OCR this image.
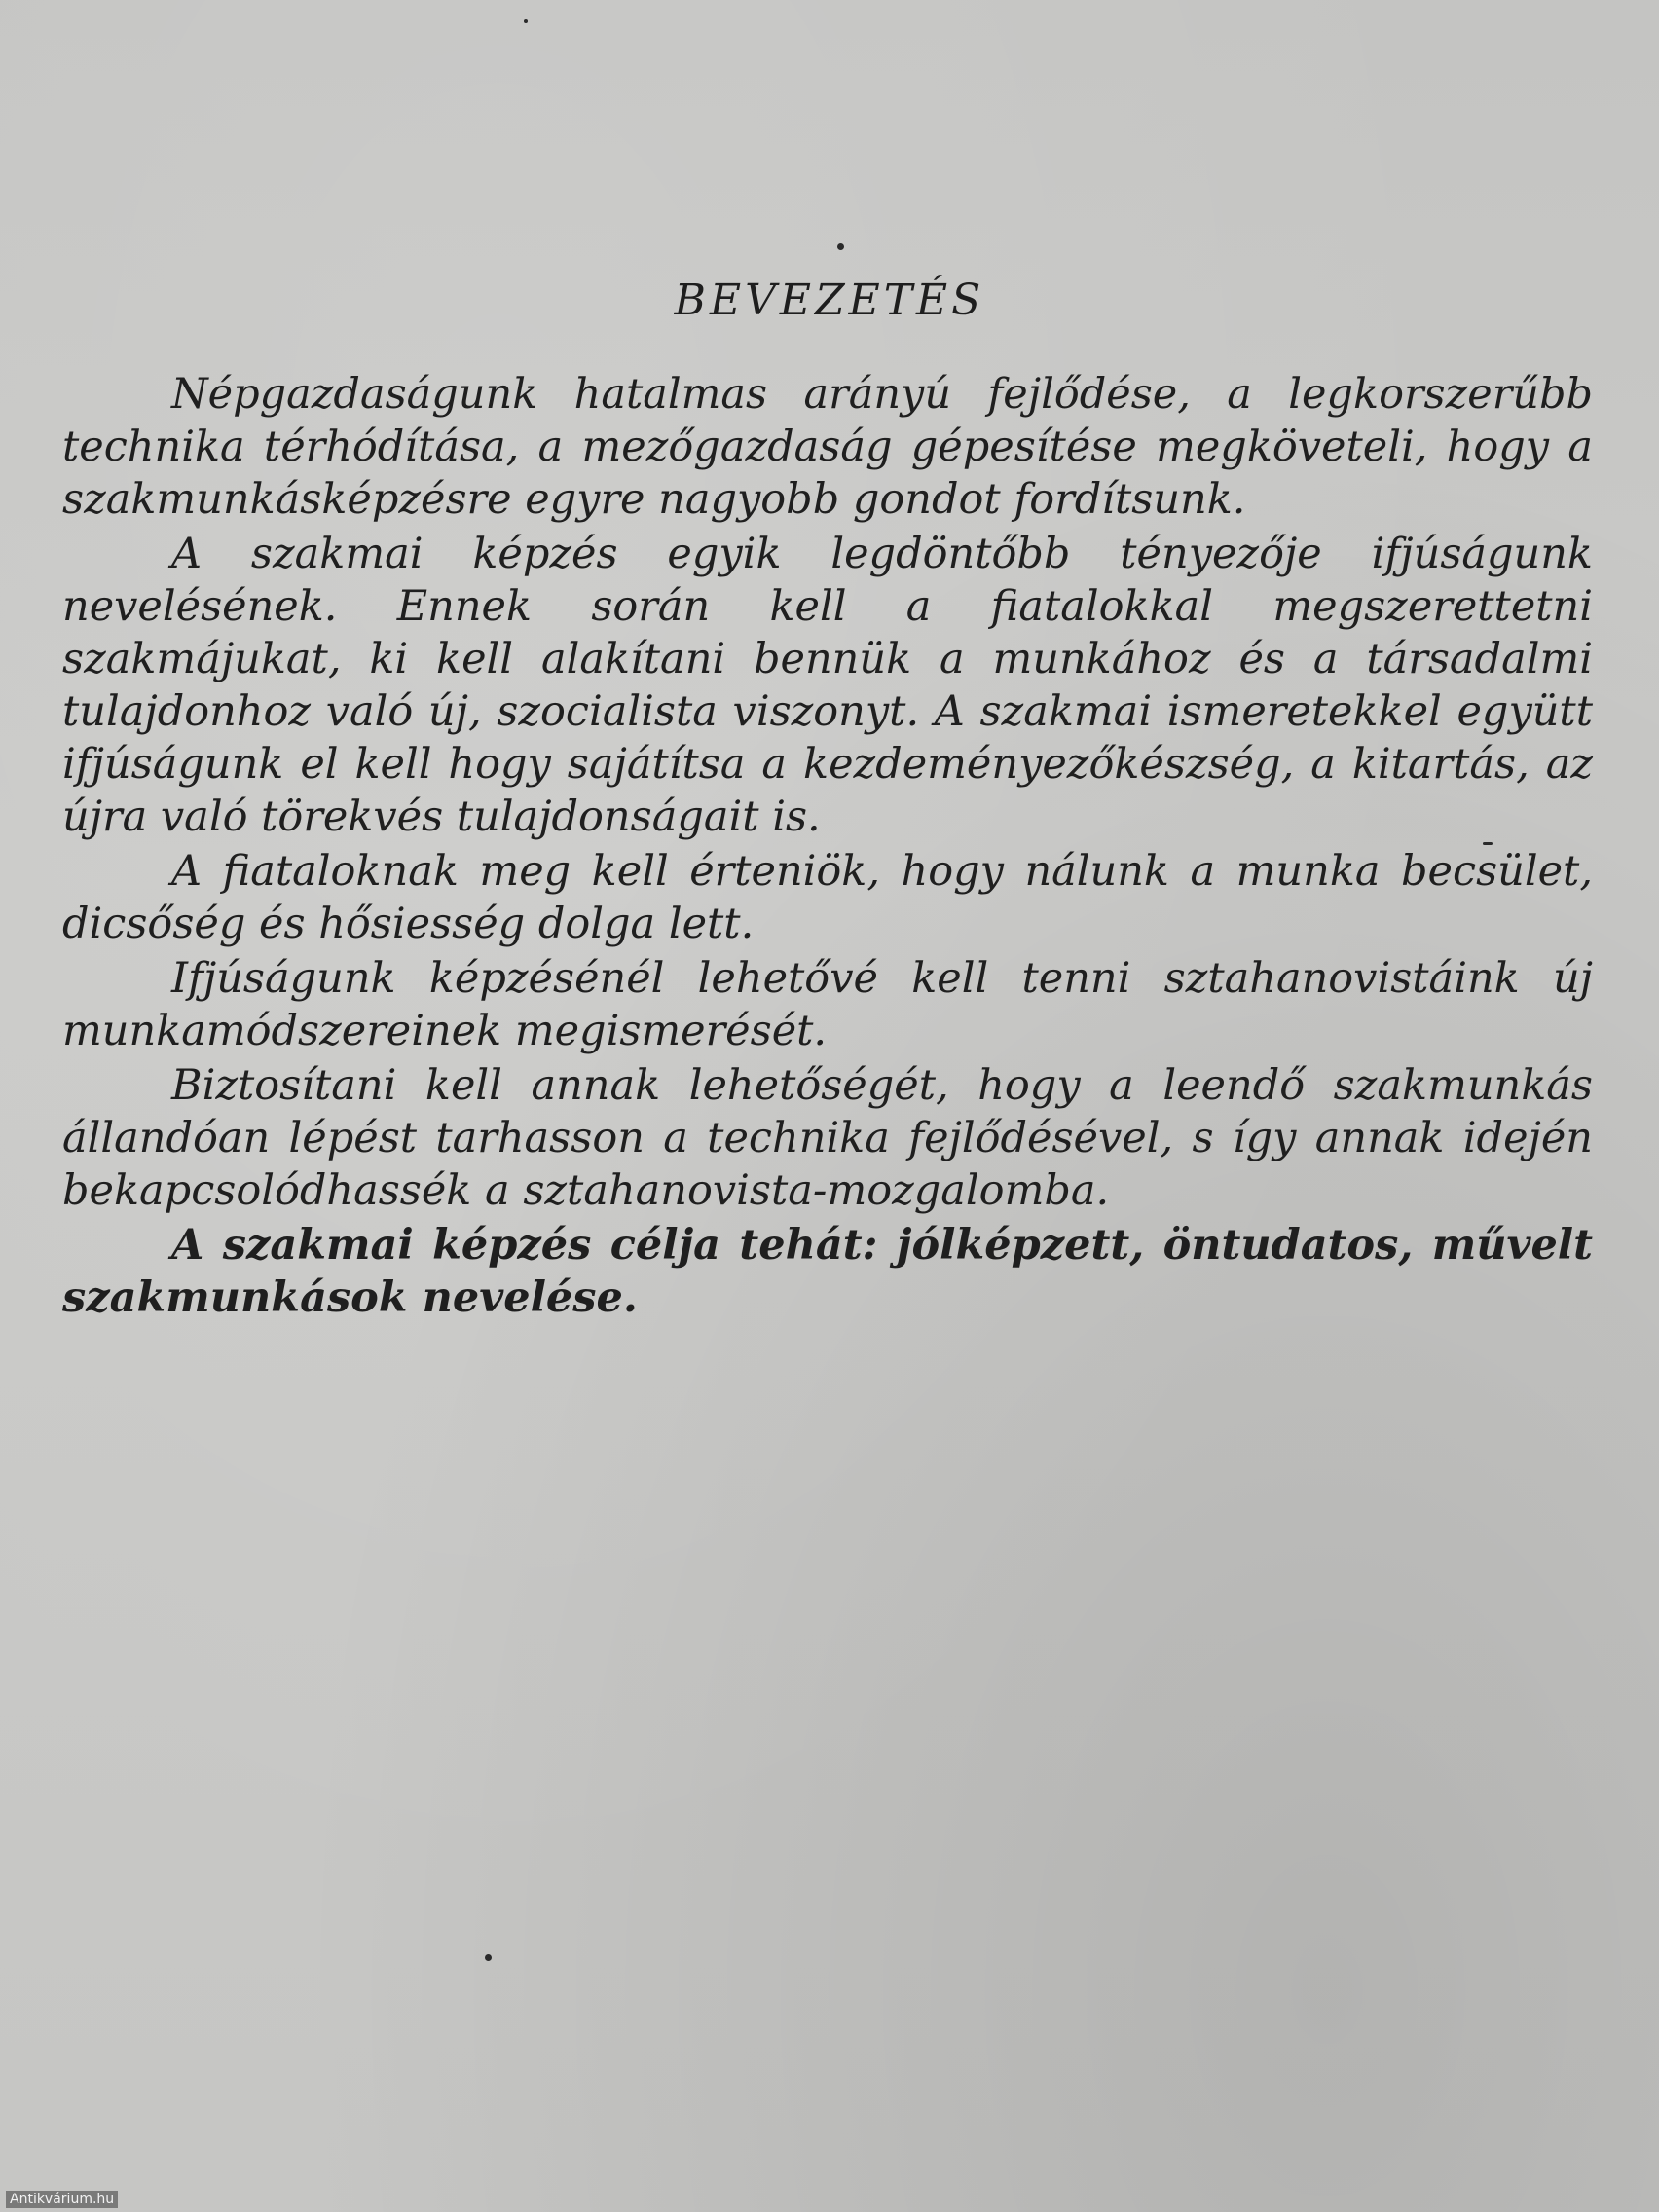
BEVEZETÉS

Népgazdaságunk hatalmas arányú fejlődése, a legkorszerűbb technika térhódítása, a mezőgazdaság gépesítése megköveteli, hogy a szakmunkásképzésre egyre nagyobb gondot fordítsunk.

A szakmai képzés egyik legdöntőbb tényezője ifjúságunk nevelésének. Ennek során kell a fiatalokkal megszerettetni szakmájukat, ki kell alakítani bennük a munkához és a társadalmi tulajdonhoz való új, szocialista viszonyt. A szakmai ismeretekkel együtt ifjúságunk el kell hogy sajátítsa a kezdeményezőkészség, a kitartás, az újra való törekvés tulajdonságait is.

A fiataloknak meg kell érteniök, hogy nálunk a munka becsület, dicsőség és hősiesség dolga lett.

Ifjúságunk képzésénél lehetővé kell tenni sztahanovistáink új munkamódszereinek megismerését.

Biztosítani kell annak lehetőségét, hogy a leendő szakmunkás állandóan lépést tarhasson a technika fejlődésével, s így annak idején bekapcsolódhassék a sztahanovista-mozgalomba.

A szakmai képzés célja tehát: jólképzett, öntudatos, művelt szakmunkások nevelése.

Antikvárium.hu
